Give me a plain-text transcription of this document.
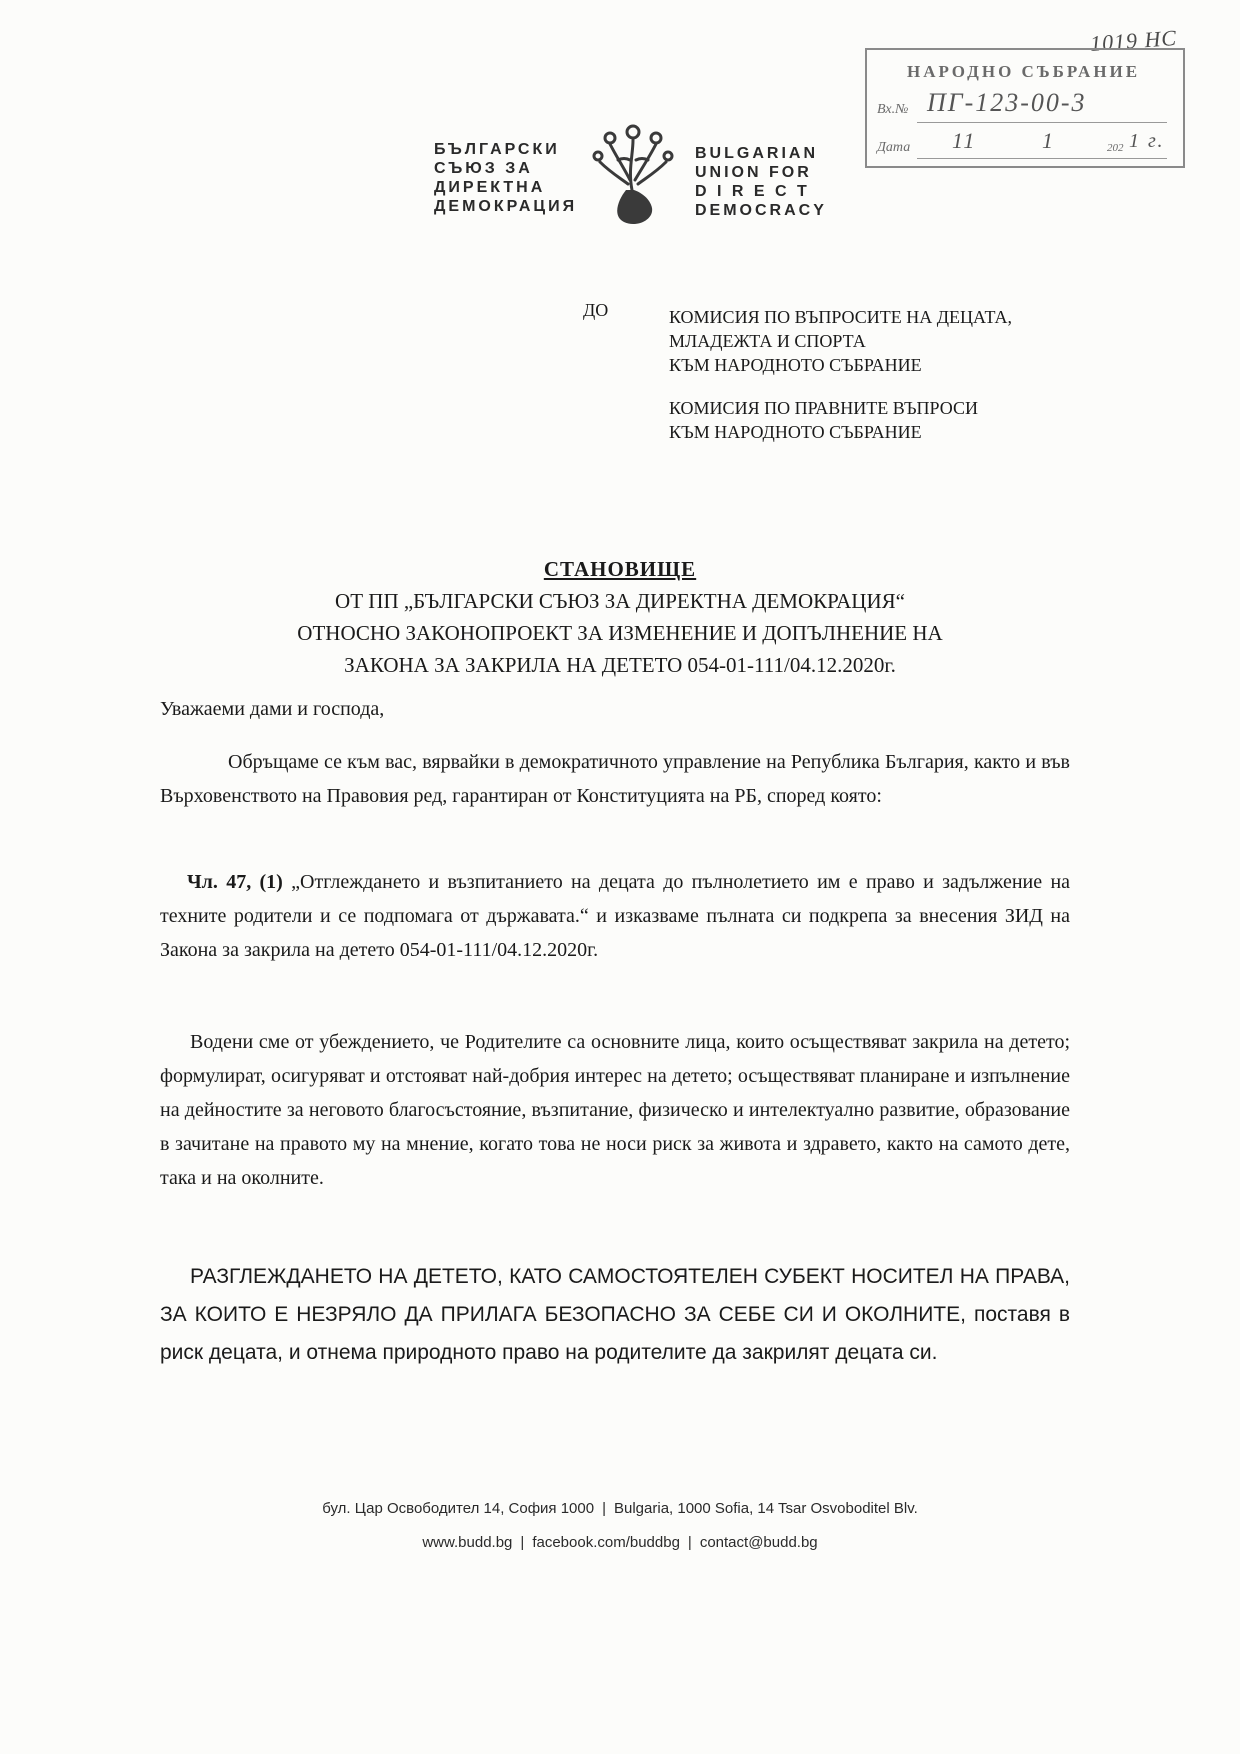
1019 НС
НАРОДНО СЪБРАНИЕ
Вх.№ ПГ-123-00-3
Дата 11	1	202 1 г.
БЪЛГАРСКИ
СЪЮЗ ЗА
ДИРЕКТНА
ДЕМОКРАЦИЯ
BULGARIAN
UNION FOR
D I R E C T
DEMOCRACY
ДО	КОМИСИЯ ПО ВЪПРОСИТЕ НА ДЕЦАТА,
МЛАДЕЖТА И СПОРТА
КЪМ НАРОДНОТО СЪБРАНИЕ
КОМИСИЯ ПО ПРАВНИТЕ ВЪПРОСИ
КЪМ НАРОДНОТО СЪБРАНИЕ
СТАНОВИЩЕ
ОТ ПП „БЪЛГАРСКИ СЪЮЗ ЗА ДИРЕКТНА ДЕМОКРАЦИЯ“
ОТНОСНО ЗАКОНОПРОЕКТ ЗА ИЗМЕНЕНИЕ И ДОПЪЛНЕНИЕ НА
ЗАКОНА ЗА ЗАКРИЛА НА ДЕТЕТО 054-01-111/04.12.2020г.
Уважаеми дами и господа,
Обръщаме се към вас, вярвайки в демократичното управление на Република България, както и във Върховенството на Правовия ред, гарантиран от Конституцията на РБ, според която:
Чл. 47, (1) „Отглеждането и възпитанието на децата до пълнолетието им е право и задължение на техните родители и се подпомага от държавата.“ и изказваме пълната си подкрепа за внесения ЗИД на Закона за закрила на детето 054-01-111/04.12.2020г.
Водени сме от убеждението, че Родителите са основните лица, които осъществяват закрила на детето; формулират, осигуряват и отстояват най-добрия интерес на детето; осъществяват планиране и изпълнение на дейностите за неговото благосъстояние, възпитание, физическо и интелектуално развитие, образование в зачитане на правото му на мнение, когато това не носи риск за живота и здравето, както на самото дете, така и на околните.
РАЗГЛЕЖДАНЕТО НА ДЕТЕТО, КАТО САМОСТОЯТЕЛЕН СУБЕКТ НОСИТЕЛ НА ПРАВА, ЗА КОИТО Е НЕЗРЯЛО ДА ПРИЛАГА БЕЗОПАСНО ЗА СЕБЕ СИ И ОКОЛНИТЕ, поставя в риск децата, и отнема природното право на родителите да закрилят децата си.
бул. Цар Освободител 14, София 1000 | Bulgaria, 1000 Sofia, 14 Tsar Osvoboditel Blv.
www.budd.bg | facebook.com/buddbg | contact@budd.bg
